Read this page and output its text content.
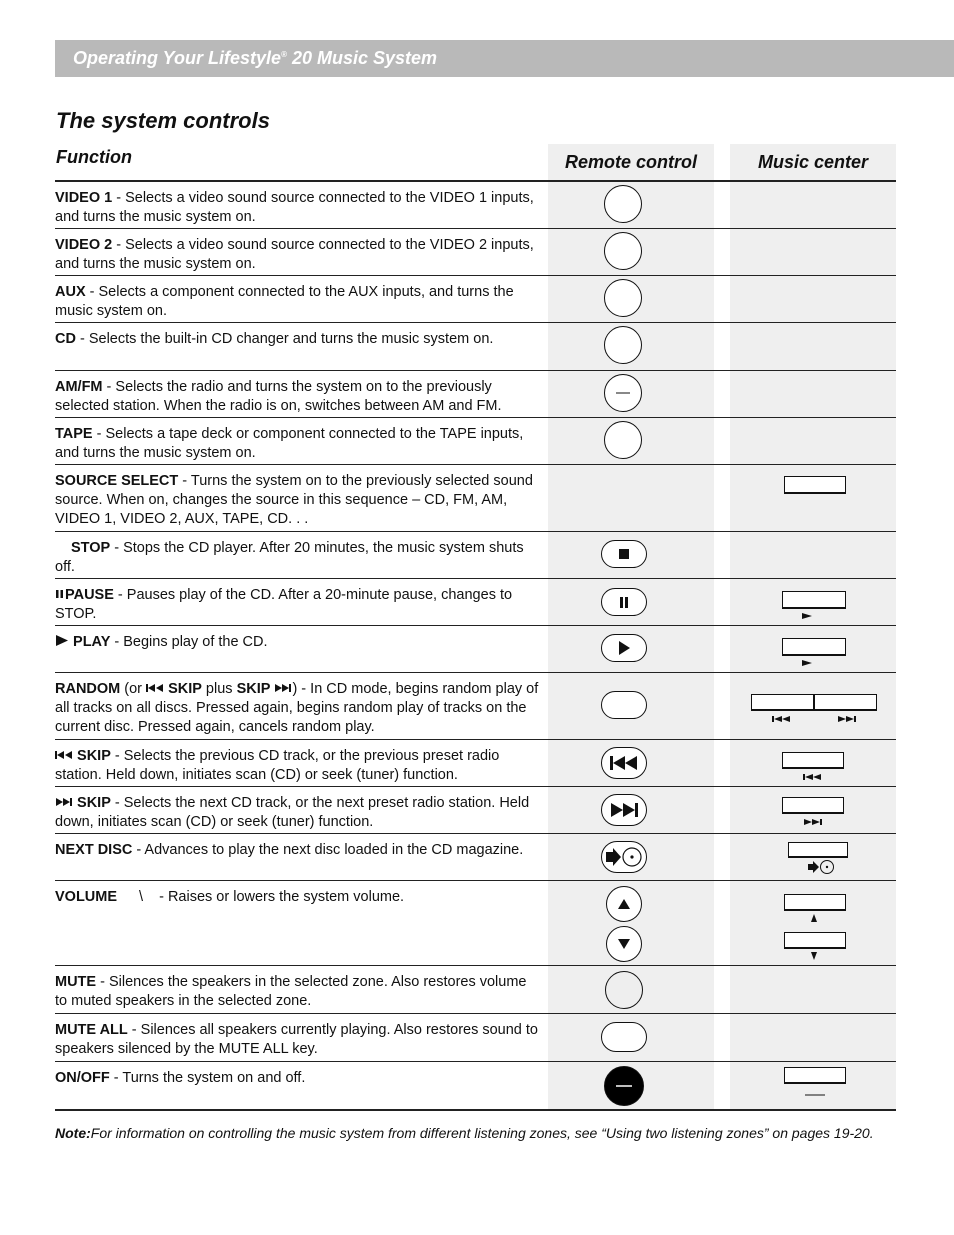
Operating Your Lifestyle® 20 Music System
The system controls
Function	Remote control	Music center
VIDEO 1 - Selects a video sound source connected to the VIDEO 1 inputs, and turns the music system on.
VIDEO 2 - Selects a video sound source connected to the VIDEO 2 inputs, and turns the music system on.
AUX - Selects a component connected to the AUX inputs, and turns the music system on.
CD - Selects the built-in CD changer and turns the music system on.
AM/FM - Selects the radio and turns the system on to the previously selected station. When the radio is on, switches between AM and FM.
TAPE - Selects a tape deck or component connected to the TAPE inputs, and turns the music system on.
SOURCE SELECT - Turns the system on to the previously selected sound source. When on, changes the source in this sequence – CD, FM, AM, VIDEO 1, VIDEO 2, AUX, TAPE, CD. . .
STOP - Stops the CD player. After 20 minutes, the music system shuts off.
PAUSE - Pauses play of the CD. After a 20-minute pause, changes to STOP.
PLAY - Begins play of the CD.
RANDOM (or  SKIP plus SKIP ) - In CD mode, begins random play of all tracks on all discs. Pressed again, begins random play of tracks on the current disc. Pressed again, cancels random play.
SKIP - Selects the previous CD track, or the previous preset radio station. Held down, initiates scan (CD) or seek (tuner) function.
SKIP - Selects the next CD track, or the next preset radio station. Held down, initiates scan (CD) or seek (tuner) function.
NEXT DISC - Advances to play the next disc loaded in the CD magazine.
VOLUME \ - Raises or lowers the system volume.
MUTE - Silences the speakers in the selected zone. Also restores volume to muted speakers in the selected zone.
MUTE ALL - Silences all speakers currently playing. Also restores sound to speakers silenced by the MUTE ALL key.
ON/OFF - Turns the system on and off.
Note:For information on controlling the music system from different listening zones, see “Using two listening zones” on pages 19-20.
